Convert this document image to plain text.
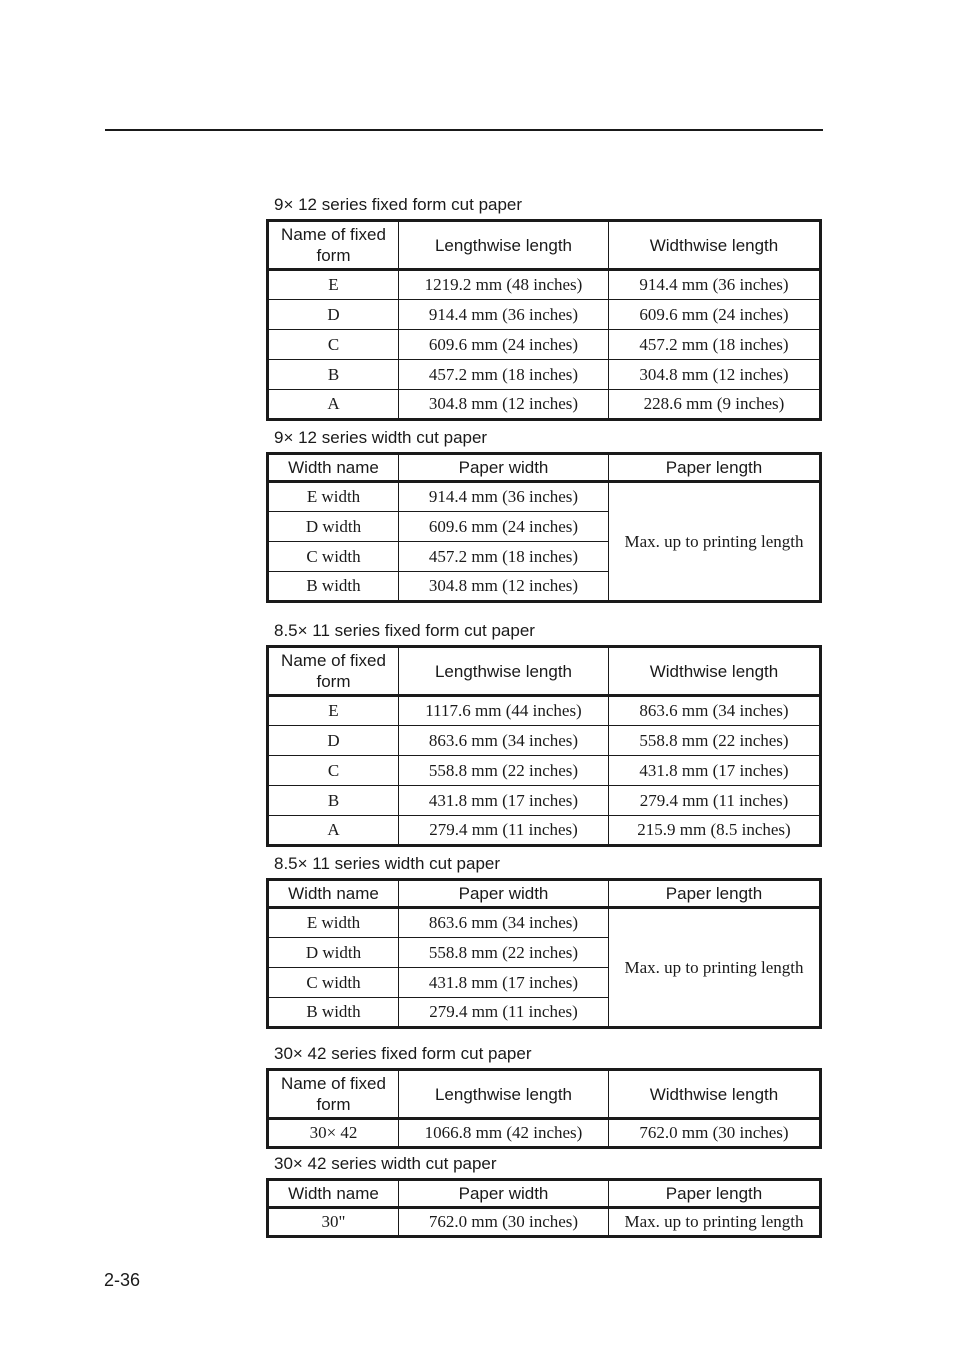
9× 12 series fixed form cut paper
Name of fixed form	Lengthwise length	Widthwise length
E	1219.2 mm (48 inches)	914.4 mm (36 inches)
D	914.4 mm (36 inches)	609.6 mm (24 inches)
C	609.6 mm (24 inches)	457.2 mm (18 inches)
B	457.2 mm (18 inches)	304.8 mm (12 inches)
A	304.8 mm (12 inches)	228.6 mm (9 inches)
9× 12 series width cut paper
Width name	Paper width	Paper length
E width	914.4 mm (36 inches)	Max. up to printing length
D width	609.6 mm (24 inches)	
C width	457.2 mm (18 inches)	
B width	304.8 mm (12 inches)	
8.5× 11 series fixed form cut paper
Name of fixed form	Lengthwise length	Widthwise length
E	1117.6 mm (44 inches)	863.6 mm (34 inches)
D	863.6 mm (34 inches)	558.8 mm (22 inches)
C	558.8 mm (22 inches)	431.8 mm (17 inches)
B	431.8 mm (17 inches)	279.4 mm (11 inches)
A	279.4 mm (11 inches)	215.9 mm (8.5 inches)
8.5× 11 series width cut paper
Width name	Paper width	Paper length
E width	863.6 mm (34 inches)	Max. up to printing length
D width	558.8 mm (22 inches)	
C width	431.8 mm (17 inches)	
B width	279.4 mm (11 inches)	
30× 42 series fixed form cut paper
Name of fixed form	Lengthwise length	Widthwise length
30× 42	1066.8 mm (42 inches)	762.0 mm (30 inches)
30× 42 series width cut paper
Width name	Paper width	Paper length
30"	762.0 mm (30 inches)	Max. up to printing length
2-36
